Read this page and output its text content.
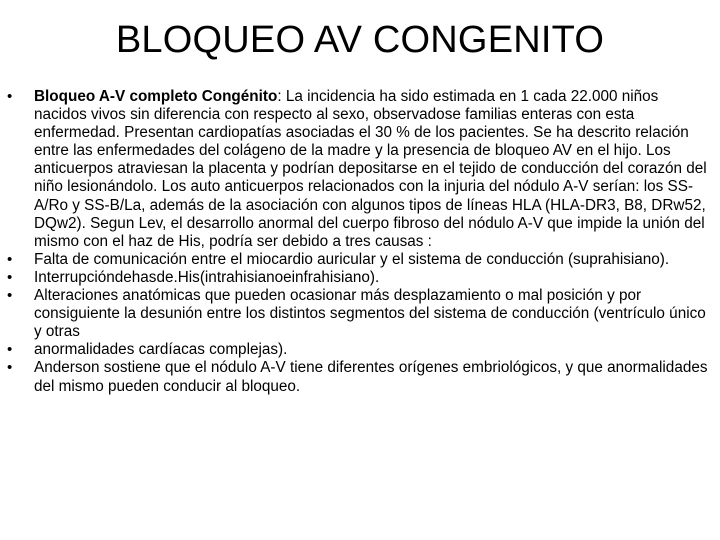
BLOQUEO AV CONGENITO
• Bloqueo A-V completo Congénito: La incidencia ha sido estimada en 1 cada 22.000 niños nacidos vivos sin diferencia con respecto al sexo, observadose familias enteras con esta enfermedad. Presentan cardiopatías asociadas el 30 % de los pacientes. Se ha descrito relación entre las enfermedades del colágeno de la madre y la presencia de bloqueo AV en el hijo. Los anticuerpos atraviesan la placenta y podrían depositarse en el tejido de conducción del corazón del niño lesionándolo. Los auto anticuerpos relacionados con la injuria del nódulo A-V serían: los SS-A/Ro y SS-B/La, además de la asociación con algunos tipos de líneas HLA (HLA-DR3, B8, DRw52, DQw2). Segun Lev, el desarrollo anormal del cuerpo fibroso del nódulo A-V que impide la unión del mismo con el haz de His, podría ser debido a tres causas :
• Falta de comunicación entre el miocardio auricular y el sistema de conducción (suprahisiano).
• Interrupcióndehasde.His(intrahisianoeinfrahisiano).
• Alteraciones anatómicas que pueden ocasionar más desplazamiento o mal posición y por consiguiente la desunión entre los distintos segmentos del sistema de conducción (ventrículo único y otras
• anormalidades cardíacas complejas).
• Anderson sostiene que el nódulo A-V tiene diferentes orígenes embriológicos, y que anormalidades del mismo pueden conducir al bloqueo.
